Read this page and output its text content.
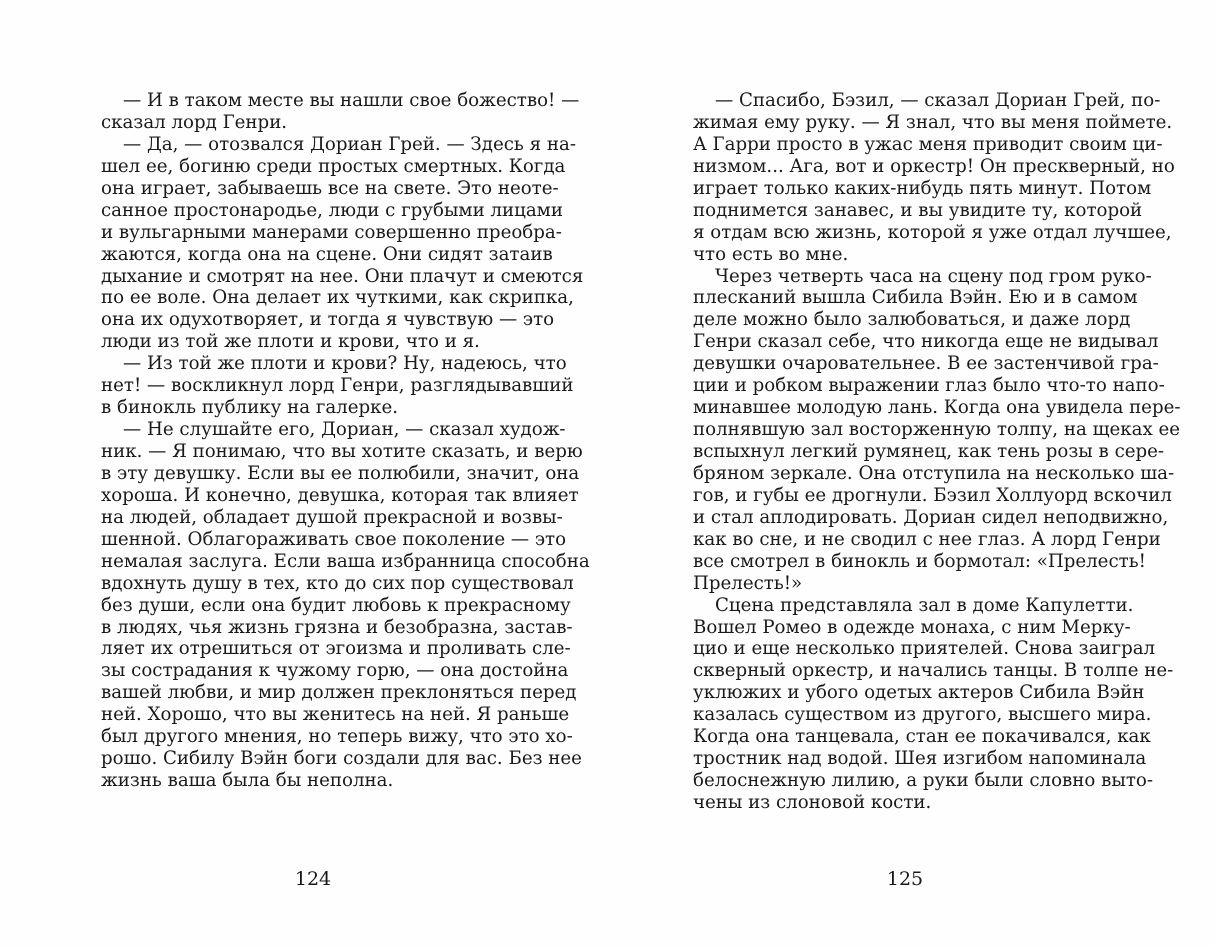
— И в таком месте вы нашли свое божество! —
сказал лорд Генри.
— Да, — отозвался Дориан Грей. — Здесь я на-
шел ее, богиню среди простых смертных. Когда
она играет, забываешь все на свете. Это неоте-
санное простонародье, люди с грубыми лицами
и вульгарными манерами совершенно преобра-
жаются, когда она на сцене. Они сидят затаив
дыхание и смотрят на нее. Они плачут и смеются
по ее воле. Она делает их чуткими, как скрипка,
она их одухотворяет, и тогда я чувствую — это
люди из той же плоти и крови, что и я.
— Из той же плоти и крови? Ну, надеюсь, что
нет! — воскликнул лорд Генри, разглядывавший
в бинокль публику на галерке.
— Не слушайте его, Дориан, — сказал худож-
ник. — Я понимаю, что вы хотите сказать, и верю
в эту девушку. Если вы ее полюбили, значит, она
хороша. И конечно, девушка, которая так влияет
на людей, обладает душой прекрасной и возвы-
шенной. Облагораживать свое поколение — это
немалая заслуга. Если ваша избранница способна
вдохнуть душу в тех, кто до сих пор существовал
без души, если она будит любовь к прекрасному
в людях, чья жизнь грязна и безобразна, застав-
ляет их отрешиться от эгоизма и проливать сле-
зы сострадания к чужому горю, — она достойна
вашей любви, и мир должен преклоняться перед
ней. Хорошо, что вы женитесь на ней. Я раньше
был другого мнения, но теперь вижу, что это хо-
рошо. Сибилу Вэйн боги создали для вас. Без нее
жизнь ваша была бы неполна.
124
— Спасибо, Бэзил, — сказал Дориан Грей, по-
жимая ему руку. — Я знал, что вы меня поймете.
А Гарри просто в ужас меня приводит своим ци-
низмом... Ага, вот и оркестр! Он прескверный, но
играет только каких-нибудь пять минут. Потом
поднимется занавес, и вы увидите ту, которой
я отдам всю жизнь, которой я уже отдал лучшее,
что есть во мне.
Через четверть часа на сцену под гром руко-
плесканий вышла Сибила Вэйн. Ею и в самом
деле можно было залюбоваться, и даже лорд
Генри сказал себе, что никогда еще не видывал
девушки очаровательнее. В ее застенчивой гра-
ции и робком выражении глаз было что-то напо-
минавшее молодую лань. Когда она увидела пере-
полнявшую зал восторженную толпу, на щеках ее
вспыхнул легкий румянец, как тень розы в сере-
бряном зеркале. Она отступила на несколько ша-
гов, и губы ее дрогнули. Бэзил Холлуорд вскочил
и стал аплодировать. Дориан сидел неподвижно,
как во сне, и не сводил с нее глаз. А лорд Генри
все смотрел в бинокль и бормотал: «Прелесть!
Прелесть!»
Сцена представляла зал в доме Капулетти.
Вошел Ромео в одежде монаха, с ним Мерку-
цио и еще несколько приятелей. Снова заиграл
скверный оркестр, и начались танцы. В толпе не-
уклюжих и убого одетых актеров Сибила Вэйн
казалась существом из другого, высшего мира.
Когда она танцевала, стан ее покачивался, как
тростник над водой. Шея изгибом напоминала
белоснежную лилию, а руки были словно выто-
чены из слоновой кости.
125
